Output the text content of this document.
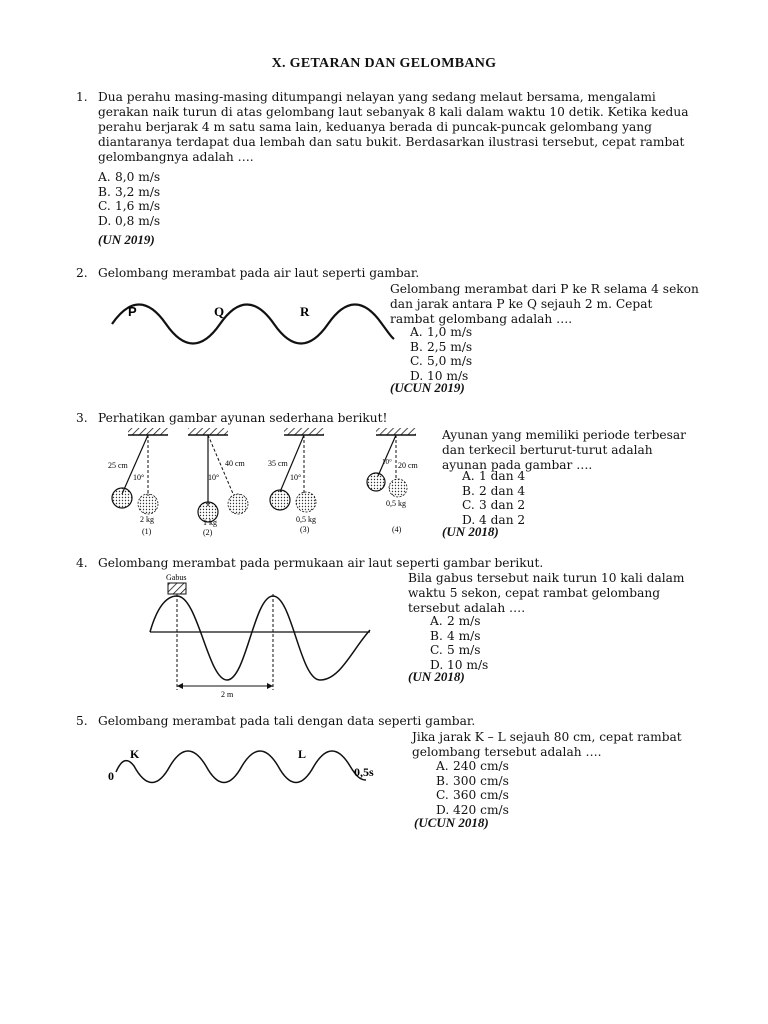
X. GETARAN DAN GELOMBANG
1. Dua perahu masing-masing ditumpangi nelayan yang sedang melaut bersama, mengalami gerakan naik turun di atas gelombang laut sebanyak 8 kali dalam waktu 10 detik. Ketika kedua perahu berjarak 4 m satu sama lain, keduanya berada di puncak-puncak gelombang yang diantaranya terdapat dua lembah dan satu bukit. Berdasarkan ilustrasi tersebut, cepat rambat gelombangnya adalah ….
A. 8,0 m/s
B. 3,2 m/s
C. 1,6 m/s
D. 0,8 m/s
(UN 2019)
2. Gelombang merambat pada air laut seperti gambar.
Gelombang merambat dari P ke R selama 4 sekon dan jarak antara P ke Q sejauh 2 m. Cepat rambat gelombang adalah ….
P	Q	R
A. 1,0 m/s
B. 2,5 m/s
C. 5,0 m/s
D. 10 m/s
(UCUN 2019)
3. Perhatikan gambar ayunan sederhana berikut!
Ayunan yang memiliki periode terbesar dan terkecil berturut-turut adalah ayunan pada gambar ….
25 cm
10°
2 kg
(1)
40 cm
10°
1 kg
(2)
35 cm
10°
0,5 kg
(3)
20 cm
10°
0,5 kg
(4)
A. 1 dan 4
B. 2 dan 4
C. 3 dan 2
D. 4 dan 2
(UN 2018)
4. Gelombang merambat pada permukaan air laut seperti gambar berikut.
Bila gabus tersebut naik turun 10 kali dalam waktu 5 sekon, cepat rambat gelombang tersebut adalah ….
Gabus
2 m
A. 2 m/s
B. 4 m/s
C. 5 m/s
D. 10 m/s
(UN 2018)
5. Gelombang merambat pada tali dengan data seperti gambar.
Jika jarak K – L sejauh 80 cm, cepat rambat gelombang tersebut adalah ….
0
K	L
0,5s	A. 240 cm/s
B. 300 cm/s
C. 360 cm/s
D. 420 cm/s
(UCUN 2018)
